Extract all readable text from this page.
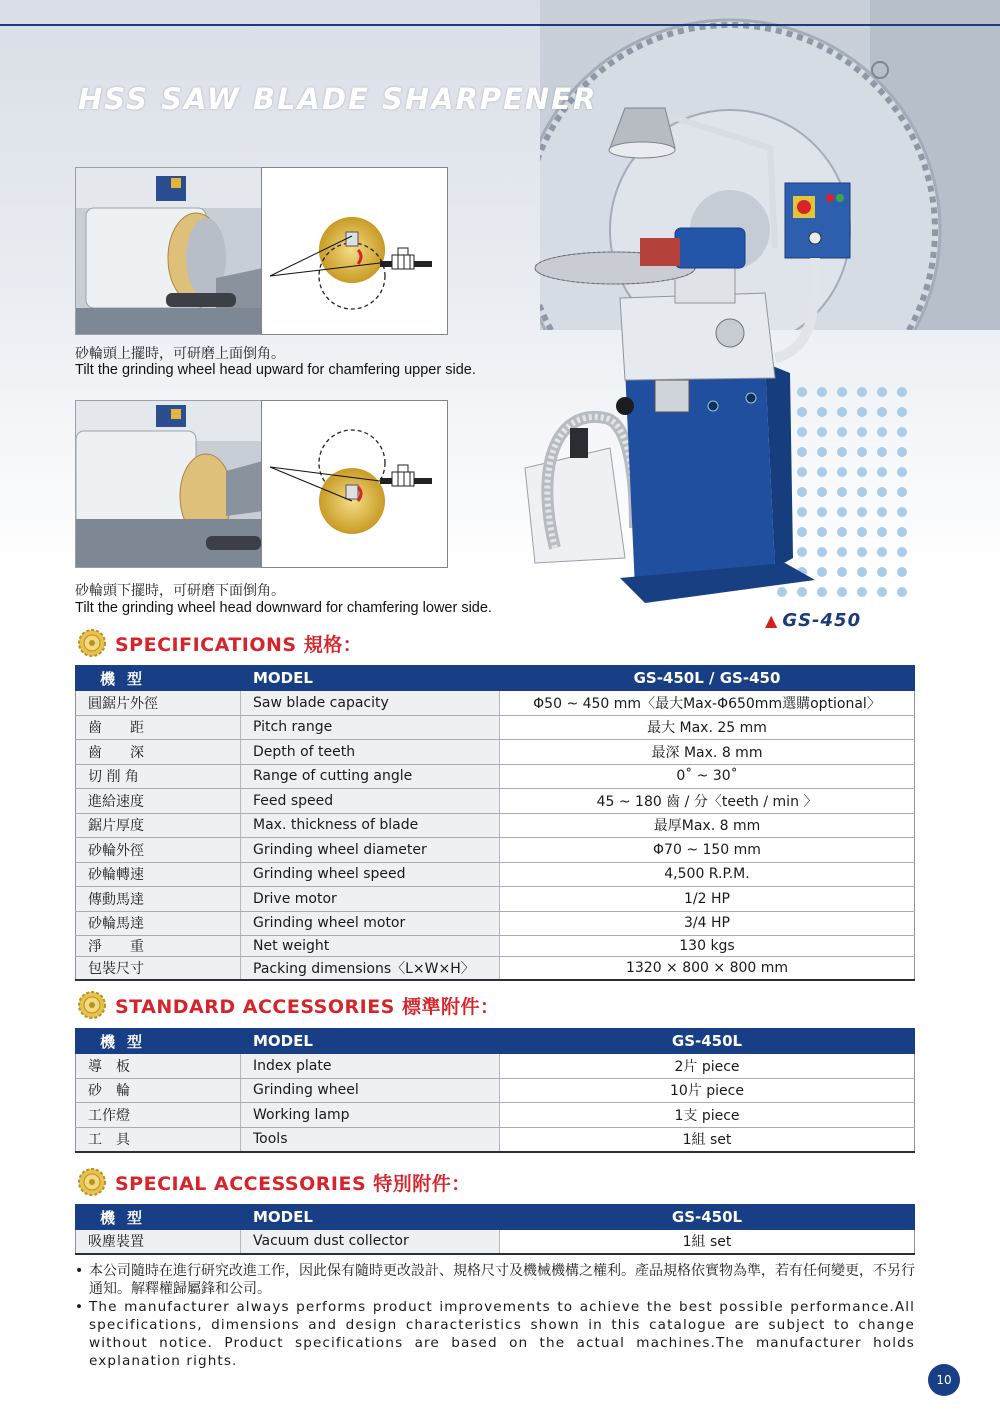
HSS SAW BLADE SHARPENER
砂輪頭上擺時，可研磨上面倒角。
Tilt the grinding wheel head upward for chamfering upper side.
砂輪頭下擺時，可研磨下面倒角。
Tilt the grinding wheel head downward for chamfering lower side.
▲ GS-450
SPECIFICATIONS 規格：
機型	MODEL	GS-450L / GS-450
圓鋸片外徑	Saw blade capacity	Φ50 ~ 450 mm〈最大Max-Φ650mm選購optional〉
齒　　距	Pitch range	最大 Max. 25 mm
齒　　深	Depth of teeth	最深 Max. 8 mm
切 削 角	Range of cutting angle	0˚ ~ 30˚
進給速度	Feed speed	45 ~ 180 齒 / 分〈teeth / min 〉
鋸片厚度	Max. thickness of blade	最厚Max. 8 mm
砂輪外徑	Grinding wheel diameter	Φ70 ~ 150 mm
砂輪轉速	Grinding wheel speed	4,500 R.P.M.
傳動馬達	Drive motor	1/2 HP
砂輪馬達	Grinding wheel motor	3/4 HP
淨　　重	Net weight	130 kgs
包裝尺寸	Packing dimensions〈L×W×H〉	1320 × 800 × 800 mm
STANDARD ACCESSORIES 標準附件：
機型	MODEL	GS-450L
導　板	Index plate	2片 piece
砂　輪	Grinding wheel	10片 piece
工作燈	Working lamp	1支 piece
工　具	Tools	1組 set
SPECIAL ACCESSORIES 特別附件：
機型	MODEL	GS-450L
吸塵裝置	Vacuum dust collector	1組 set
• 本公司隨時在進行研究改進工作，因此保有隨時更改設計、規格尺寸及機械機構之權利。產品規格依實物為準，若有任何變更，不另行通知。解釋權歸屬鋒和公司。
• The manufacturer always performs product improvements to achieve the best possible performance.All specifications, dimensions and design characteristics shown in this catalogue are subject to change without notice. Product specifications are based on the actual machines.The manufacturer holds explanation rights.
10
